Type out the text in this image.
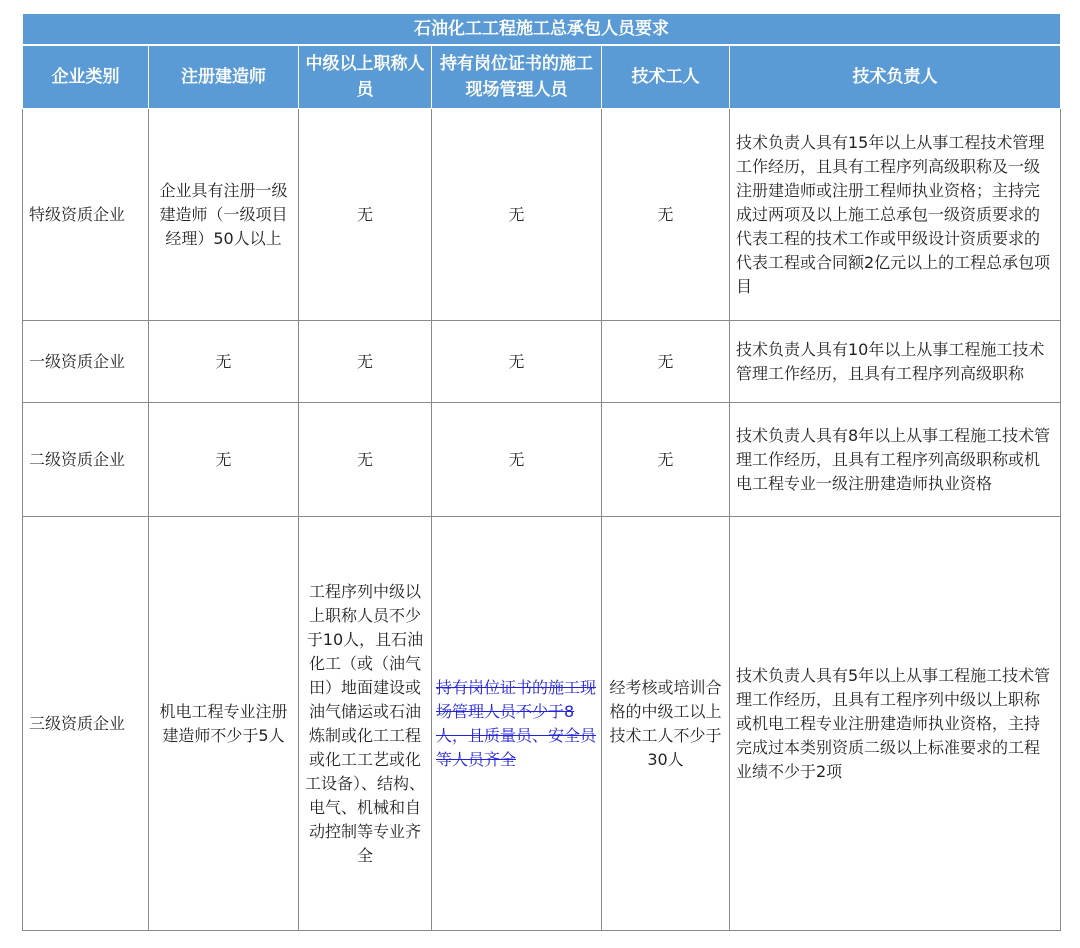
石油化工工程施工总承包人员要求					
企业类别	注册建造师	中级以上职称人员	持有岗位证书的施工现场管理人员	技术工人	技术负责人
特级资质企业	企业具有注册一级建造师（一级项目经理）50人以上	无	无	无	技术负责人具有15年以上从事工程技术管理工作经历，且具有工程序列高级职称及一级注册建造师或注册工程师执业资格；主持完成过两项及以上施工总承包一级资质要求的代表工程的技术工作或甲级设计资质要求的代表工程或合同额2亿元以上的工程总承包项目
一级资质企业	无	无	无	无	技术负责人具有10年以上从事工程施工技术管理工作经历，且具有工程序列高级职称
二级资质企业	无	无	无	无	技术负责人具有8年以上从事工程施工技术管理工作经历，且具有工程序列高级职称或机电工程专业一级注册建造师执业资格
三级资质企业	机电工程专业注册建造师不少于5人	工程序列中级以上职称人员不少于10人，且石油化工（或（油气田）地面建设或油气储运或石油炼制或化工工程或化工工艺或化工设备）、结构、电气、机械和自动控制等专业齐全	持有岗位证书的施工现场管理人员不少于8人，且质量员、安全员等人员齐全	经考核或培训合格的中级工以上技术工人不少于30人	技术负责人具有5年以上从事工程施工技术管理工作经历，且具有工程序列中级以上职称或机电工程专业注册建造师执业资格，主持完成过本类别资质二级以上标准要求的工程业绩不少于2项
